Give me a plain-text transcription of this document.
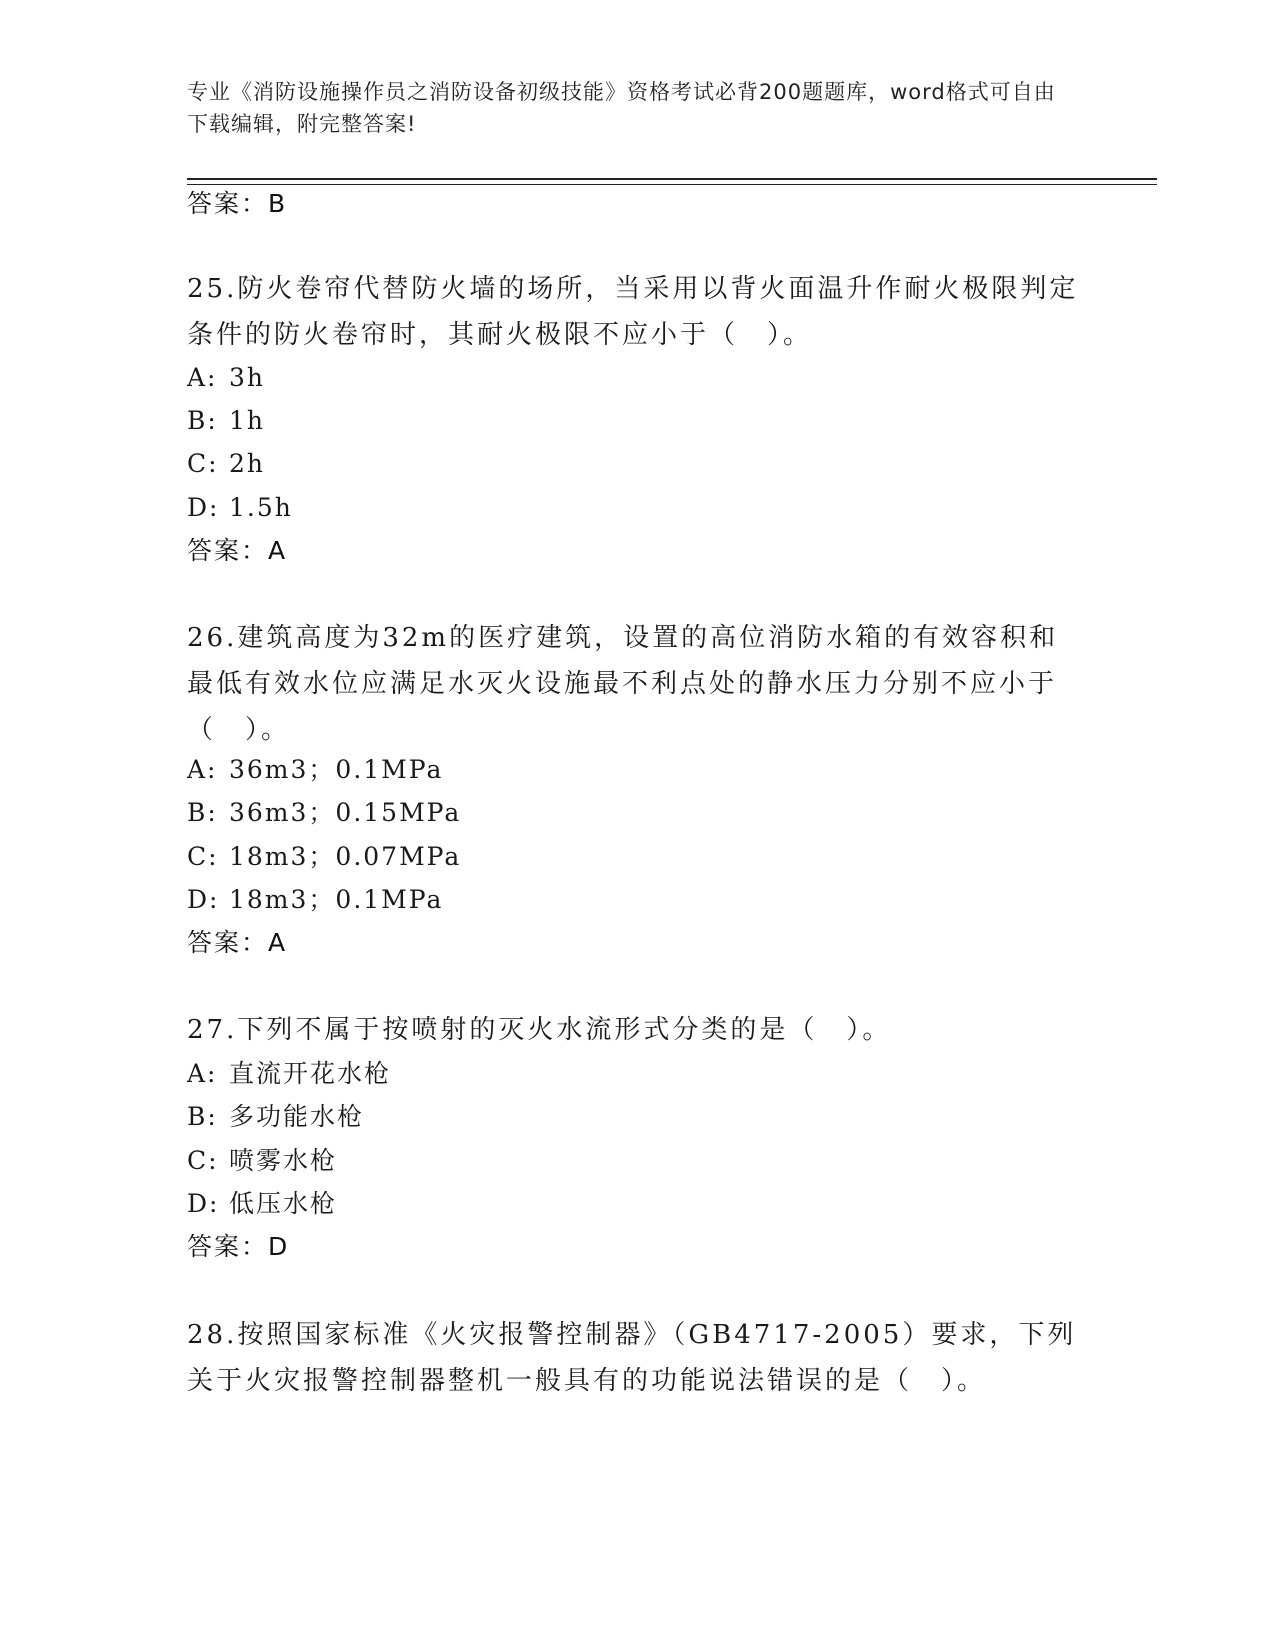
专业《消防设施操作员之消防设备初级技能》资格考试必背200题题库，word格式可自由下载编辑，附完整答案!
答案：B
25.防火卷帘代替防火墙的场所，当采用以背火面温升作耐火极限判定条件的防火卷帘时，其耐火极限不应小于（　）。
A: 3h
B: 1h
C: 2h
D: 1.5h
答案：A
26.建筑高度为32m的医疗建筑，设置的高位消防水箱的有效容积和最低有效水位应满足水灭火设施最不利点处的静水压力分别不应小于（　）。
A: 36m3；0.1MPa
B: 36m3；0.15MPa
C: 18m3；0.07MPa
D: 18m3；0.1MPa
答案：A
27.下列不属于按喷射的灭火水流形式分类的是（　）。
A: 直流开花水枪
B: 多功能水枪
C: 喷雾水枪
D: 低压水枪
答案：D
28.按照国家标准《火灾报警控制器》（GB4717-2005）要求，下列关于火灾报警控制器整机一般具有的功能说法错误的是（　）。
